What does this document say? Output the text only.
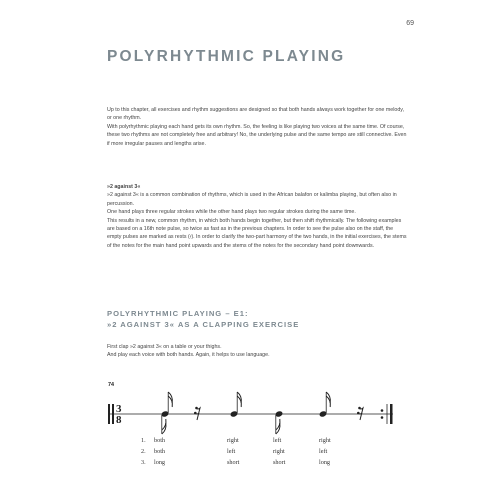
69
POLYRHYTHMIC PLAYING

Up to this chapter, all exercises and rhythm suggestions are designed so that both hands always work together for one melody, or one rhythm.

With polyrhythmic playing each hand gets its own rhythm. So, the feeling is like playing two voices at the same time. Of course, these two rhythms are not completely free and arbitrary! No, the underlying pulse and the same tempo are still connective. Even if more irregular pauses and lengths arise.

»2 against 3«

»2 against 3« is a common combination of rhythms, which is used in the African balafon or kalimba playing, but often also in percussion.

One hand plays three regular strokes while the other hand plays two regular strokes during the same time.

This results in a new, common rhythm, in which both hands begin together, but then shift rhythmically. The following examples are based on a 16th note pulse, so twice as fast as in the previous chapters. In order to see the pulse also on the staff, the empty pulses are marked as rests (𝄿). In order to clarify the two-part harmony of the two hands, in the initial exercises, the stems of the notes for the main hand point upwards and the stems of the notes for the secondary hand point downwards.

POLYRHYTHMIC PLAYING – E1:
»2 AGAINST 3« AS A CLAPPING EXERCISE

First clap »2 against 3« on a table or your thighs.

And play each voice with both hands. Again, it helps to use language.

74
3
8
1. both	right	left	right
2. both	left	right	left
3. long	short	short	long
